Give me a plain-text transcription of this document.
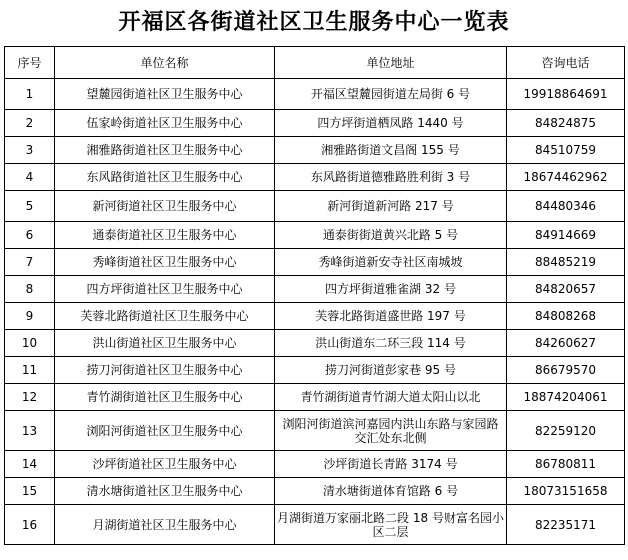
开福区各街道社区卫生服务中心一览表
序号	单位名称	单位地址	咨询电话
1	望麓园街道社区卫生服务中心	开福区望麓园街道左局街 6 号	19918864691
2	伍家岭街道社区卫生服务中心	四方坪街道栖凤路 1440 号	84824875
3	湘雅路街道社区卫生服务中心	湘雅路街道文昌阁 155 号	84510759
4	东风路街道社区卫生服务中心	东风路街道德雅路胜利街 3 号	18674462962
5	新河街道社区卫生服务中心	新河街道新河路 217 号	84480346
6	通泰街道社区卫生服务中心	通泰街街道黄兴北路 5 号	84914669
7	秀峰街道社区卫生服务中心	秀峰街道新安寺社区南城坡	88485219
8	四方坪街道社区卫生服务中心	四方坪街道雅雀湖 32 号	84820657
9	芙蓉北路街道社区卫生服务中心	芙蓉北路街道盛世路 197 号	84808268
10	洪山街道社区卫生服务中心	洪山街道东二环三段 114 号	84260627
11	捞刀河街道社区卫生服务中心	捞刀河街道彭家巷 95 号	86679570
12	青竹湖街道社区卫生服务中心	青竹湖街道青竹湖大道太阳山以北	18874204061
13	浏阳河街道社区卫生服务中心	浏阳河街道滨河嘉园内洪山东路与家园路交汇处东北侧	82259120
14	沙坪街道社区卫生服务中心	沙坪街道长青路 3174 号	86780811
15	清水塘街道社区卫生服务中心	清水塘街道体育馆路 6 号	18073151658
16	月湖街道社区卫生服务中心	月湖街道万家丽北路二段 18 号财富名园小区二层	82235171
